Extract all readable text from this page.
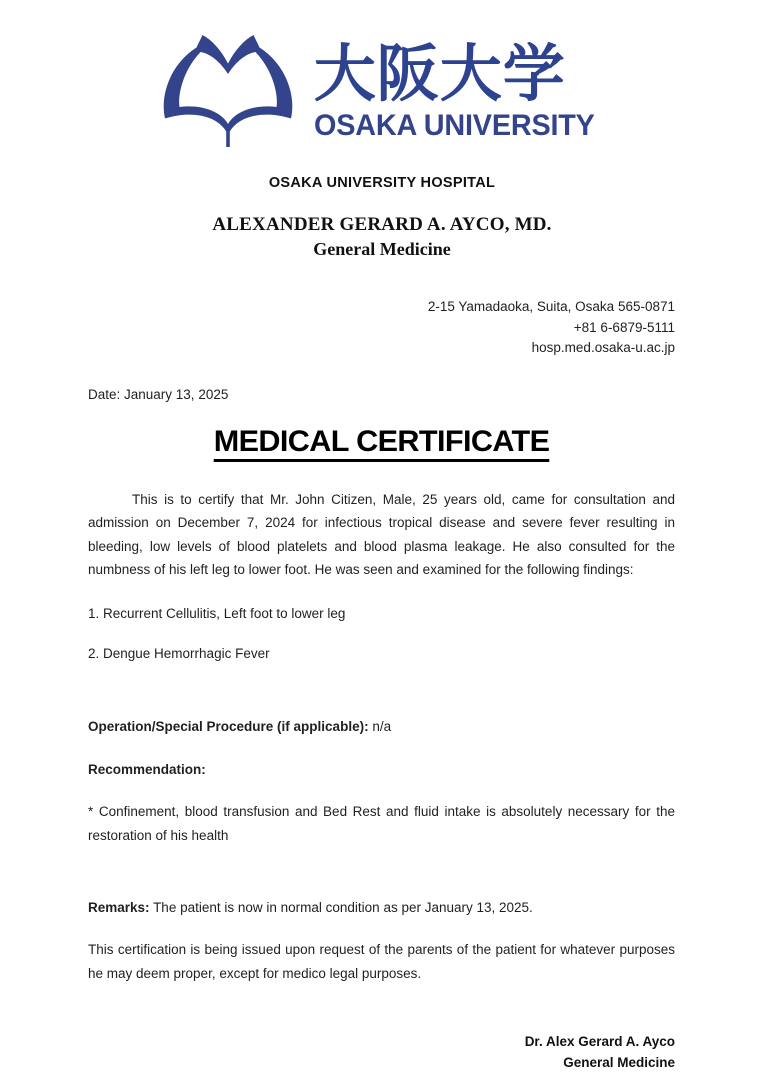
大阪大学
OSAKA UNIVERSITY
OSAKA UNIVERSITY HOSPITAL
ALEXANDER GERARD A. AYCO, MD.
General Medicine
2-15 Yamadaoka, Suita, Osaka 565-0871
+81 6-6879-5111
hosp.med.osaka-u.ac.jp
Date: January 13, 2025
MEDICAL CERTIFICATE
This is to certify that Mr. John Citizen, Male, 25 years old, came for consultation and admission on December 7, 2024 for infectious tropical disease and severe fever resulting in bleeding, low levels of blood platelets and blood plasma leakage. He also consulted for the numbness of his left leg to lower foot. He was seen and examined for the following findings:
1. Recurrent Cellulitis, Left foot to lower leg
2. Dengue Hemorrhagic Fever
Operation/Special Procedure (if applicable): n/a
Recommendation:
* Confinement, blood transfusion and Bed Rest and fluid intake is absolutely necessary for the restoration of his health
Remarks: The patient is now in normal condition as per January 13, 2025.
This certification is being issued upon request of the parents of the patient for whatever purposes he may deem proper, except for medico legal purposes.
Dr. Alex Gerard A. Ayco
General Medicine
